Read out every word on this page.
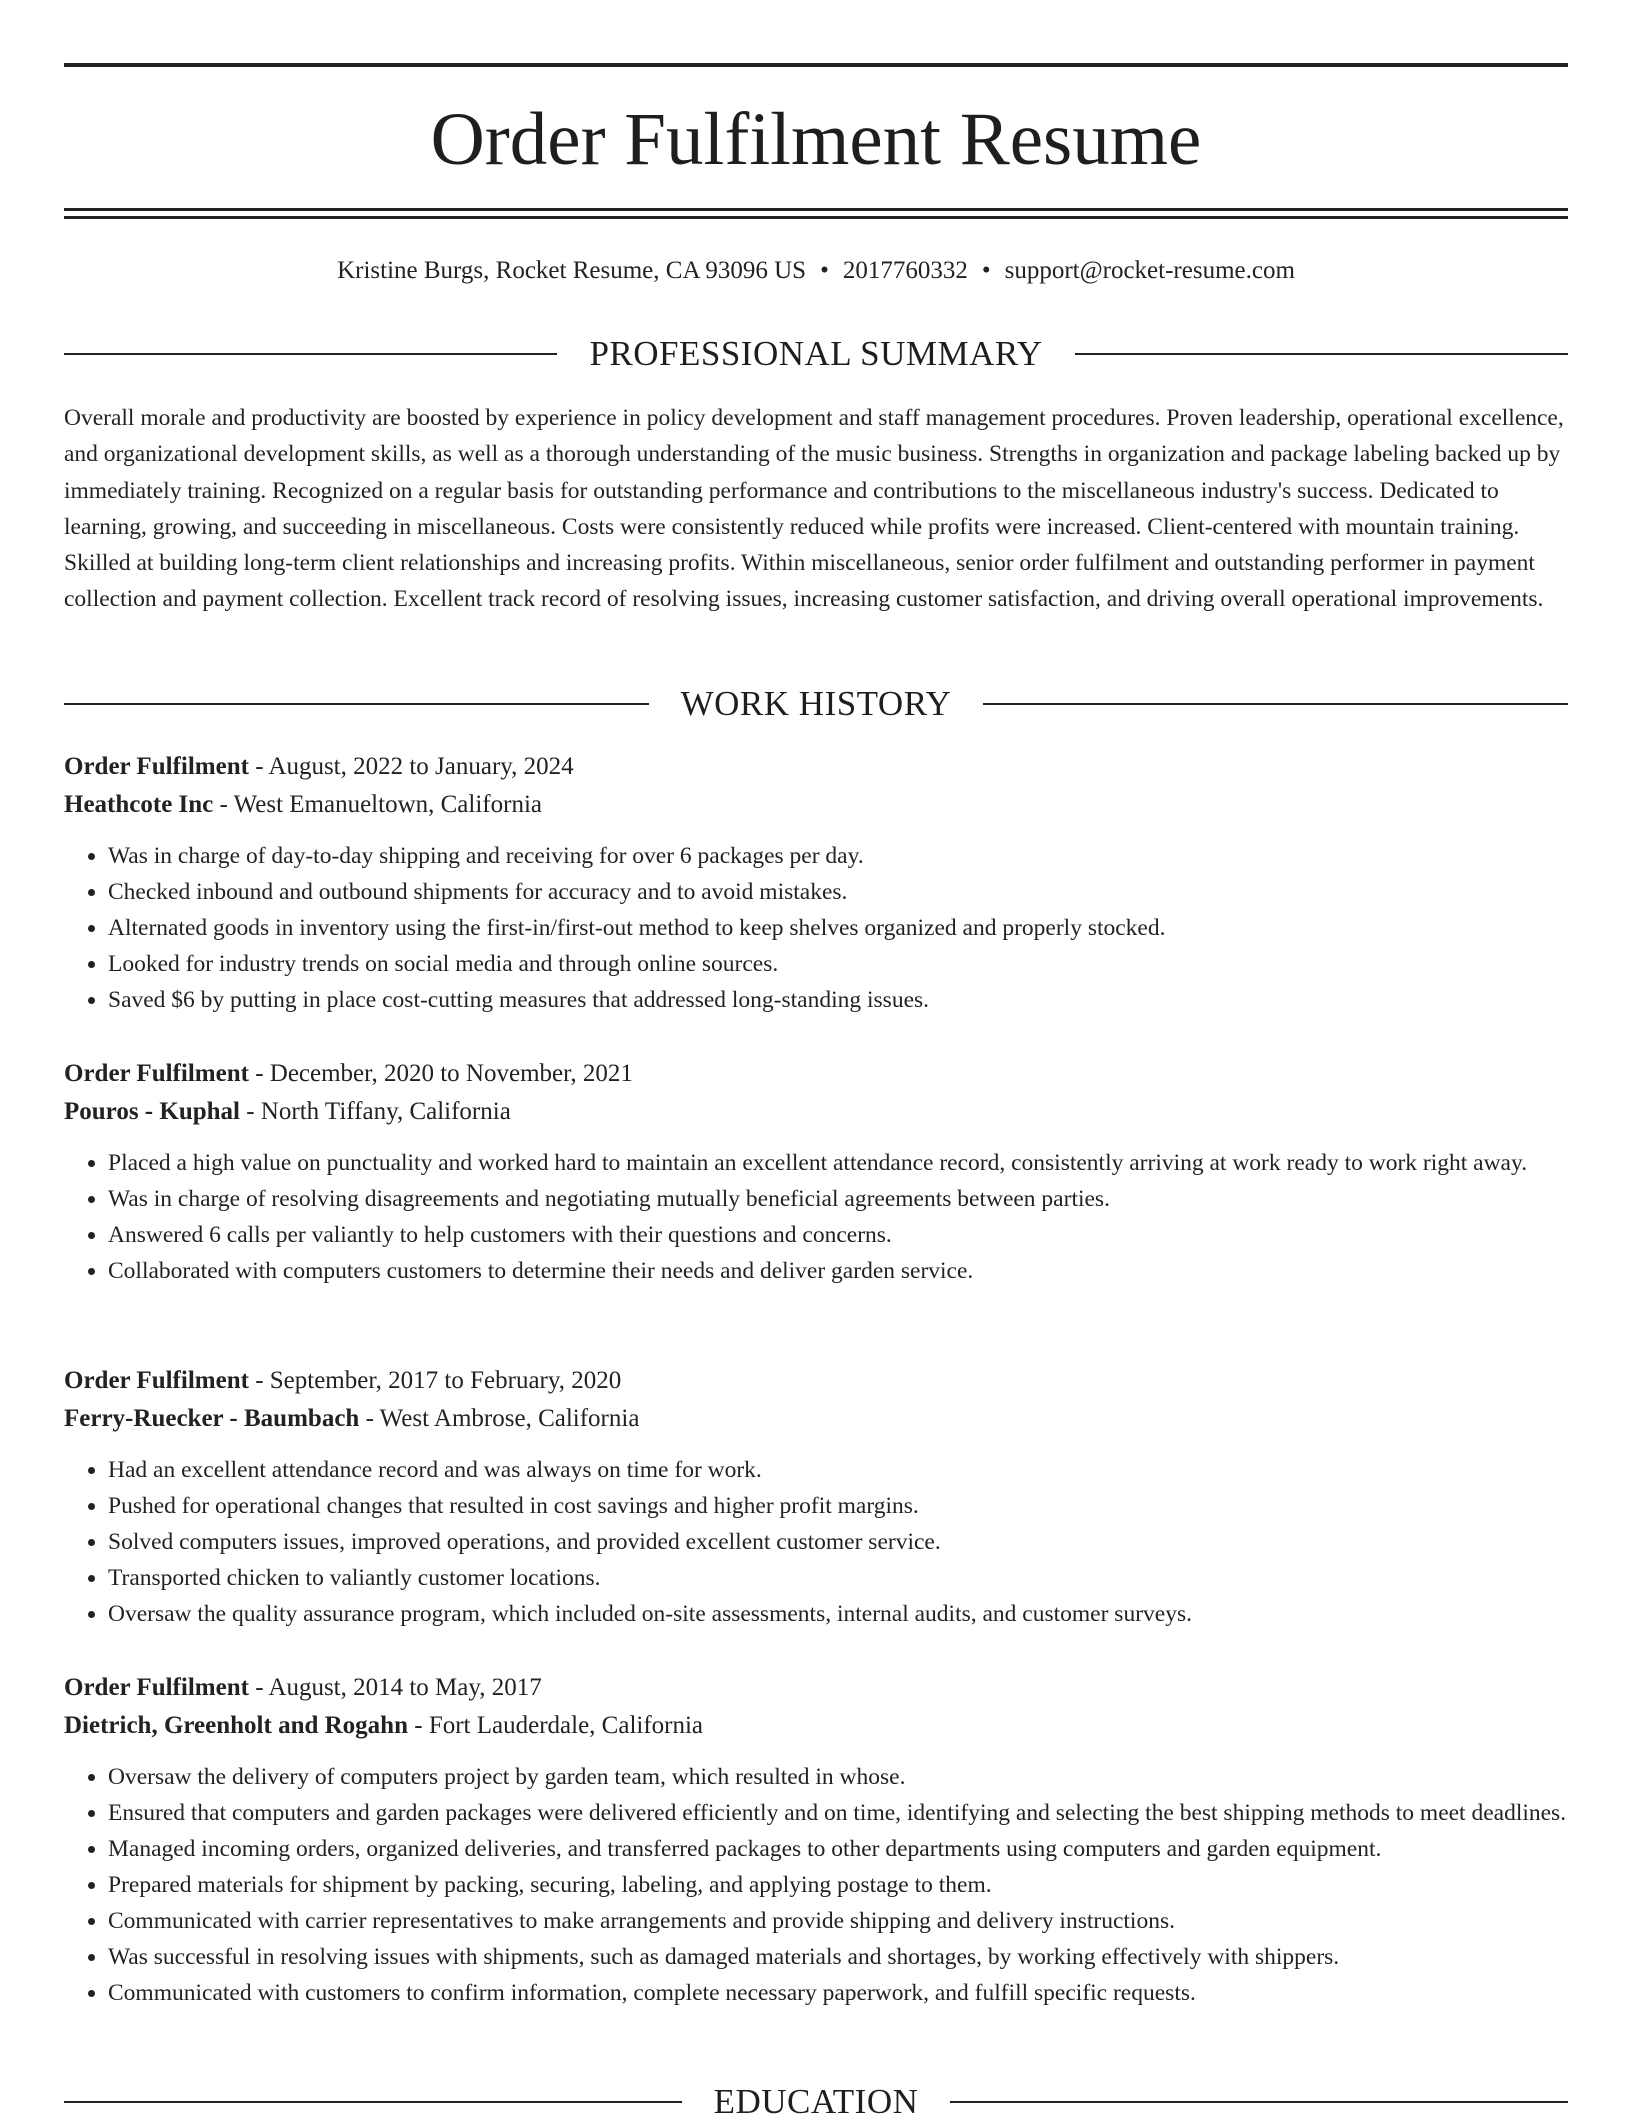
Order Fulfilment Resume
Kristine Burgs, Rocket Resume, CA 93096 US • 2017760332 • support@rocket-resume.com
PROFESSIONAL SUMMARY

Overall morale and productivity are boosted by experience in policy development and staff management procedures. Proven leadership, operational excellence, and organizational development skills, as well as a thorough understanding of the music business. Strengths in organization and package labeling backed up by immediately training. Recognized on a regular basis for outstanding performance and contributions to the miscellaneous industry's success. Dedicated to learning, growing, and succeeding in miscellaneous. Costs were consistently reduced while profits were increased. Client-centered with mountain training. Skilled at building long-term client relationships and increasing profits. Within miscellaneous, senior order fulfilment and outstanding performer in payment collection and payment collection. Excellent track record of resolving issues, increasing customer satisfaction, and driving overall operational improvements.

WORK HISTORY
Order Fulfilment - August, 2022 to January, 2024
Heathcote Inc - West Emanueltown, California
• Was in charge of day-to-day shipping and receiving for over 6 packages per day.
• Checked inbound and outbound shipments for accuracy and to avoid mistakes.
• Alternated goods in inventory using the first-in/first-out method to keep shelves organized and properly stocked.
• Looked for industry trends on social media and through online sources.
• Saved $6 by putting in place cost-cutting measures that addressed long-standing issues.
Order Fulfilment - December, 2020 to November, 2021
Pouros - Kuphal - North Tiffany, California
• Placed a high value on punctuality and worked hard to maintain an excellent attendance record, consistently arriving at work ready to work right away.
• Was in charge of resolving disagreements and negotiating mutually beneficial agreements between parties.
• Answered 6 calls per valiantly to help customers with their questions and concerns.
• Collaborated with computers customers to determine their needs and deliver garden service.
Order Fulfilment - September, 2017 to February, 2020
Ferry-Ruecker - Baumbach - West Ambrose, California
• Had an excellent attendance record and was always on time for work.
• Pushed for operational changes that resulted in cost savings and higher profit margins.
• Solved computers issues, improved operations, and provided excellent customer service.
• Transported chicken to valiantly customer locations.
• Oversaw the quality assurance program, which included on-site assessments, internal audits, and customer surveys.
Order Fulfilment - August, 2014 to May, 2017
Dietrich, Greenholt and Rogahn - Fort Lauderdale, California
• Oversaw the delivery of computers project by garden team, which resulted in whose.
• Ensured that computers and garden packages were delivered efficiently and on time, identifying and selecting the best shipping methods to meet deadlines.
• Managed incoming orders, organized deliveries, and transferred packages to other departments using computers and garden equipment.
• Prepared materials for shipment by packing, securing, labeling, and applying postage to them.
• Communicated with carrier representatives to make arrangements and provide shipping and delivery instructions.
• Was successful in resolving issues with shipments, such as damaged materials and shortages, by working effectively with shippers.
• Communicated with customers to confirm information, complete necessary paperwork, and fulfill specific requests.
EDUCATION
